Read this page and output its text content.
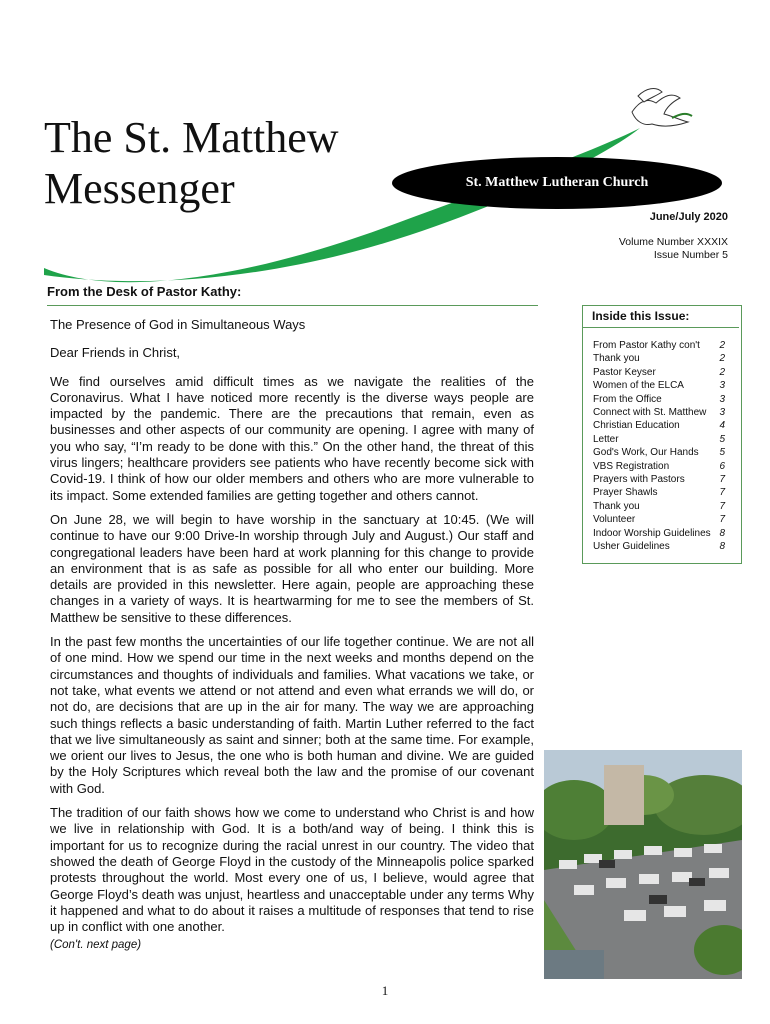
The St. Matthew
Messenger	St. Matthew Lutheran Church
June/July 2020
Volume Number XXXIX
Issue Number 5
From the Desk of Pastor Kathy:

The Presence of God in Simultaneous Ways

Dear Friends in Christ,

We find ourselves amid difficult times as we navigate the realities of the Coronavirus. What I have noticed more recently is the diverse ways people are impacted by the pandemic. There are the precautions that remain, even as businesses and other aspects of our community are opening. I agree with many of you who say, “I’m ready to be done with this.” On the other hand, the threat of this virus lingers; healthcare providers see patients who have recently become sick with Covid-19. I think of how our older members and others who are more vulnerable to its impact. Some extended families are getting together and others cannot.

On June 28, we will begin to have worship in the sanctuary at 10:45. (We will continue to have our 9:00 Drive-In worship through July and August.) Our staff and congregational leaders have been hard at work planning for this change to provide an environment that is as safe as possible for all who enter our building. More details are provided in this newsletter. Here again, people are approaching these changes in a variety of ways. It is heartwarming for me to see the members of St. Matthew be sensitive to these differences.

In the past few months the uncertainties of our life together continue. We are not all of one mind. How we spend our time in the next weeks and months depend on the circumstances and thoughts of individuals and families. What vacations we take, or not take, what events we attend or not attend and even what errands we will do, or not do, are decisions that are up in the air for many. The way we are approaching such things reflects a basic understanding of faith. Martin Luther referred to the fact that we live simultaneously as saint and sinner; both at the same time. For example, we orient our lives to Jesus, the one who is both human and divine. We are guided by the Holy Scriptures which reveal both the law and the promise of our covenant with God.

The tradition of our faith shows how we come to understand who Christ is and how we live in relationship with God. It is a both/and way of being. I think this is important for us to recognize during the racial unrest in our country. The video that showed the death of George Floyd in the custody of the Minneapolis police sparked protests throughout the world. Most every one of us, I believe, would agree that George Floyd’s death was unjust, heartless and unacceptable under any terms Why it happened and what to do about it raises a multitude of responses that tend to rise up in conflict with one another.

(Con't. next page)

Inside this Issue:
From Pastor Kathy con't 2
Thank you	2
Pastor Keyser	2
Women of the ELCA	3
From the Office	3
Connect with St. Matthew 3
Christian Education	4
Letter	5
God's Work, Our Hands 5
VBS Registration	6
Prayers with Pastors	7
Prayer Shawls	7
Thank you	7
Volunteer	7
Indoor Worship Guidelines 8
Usher Guidelines	8
1
